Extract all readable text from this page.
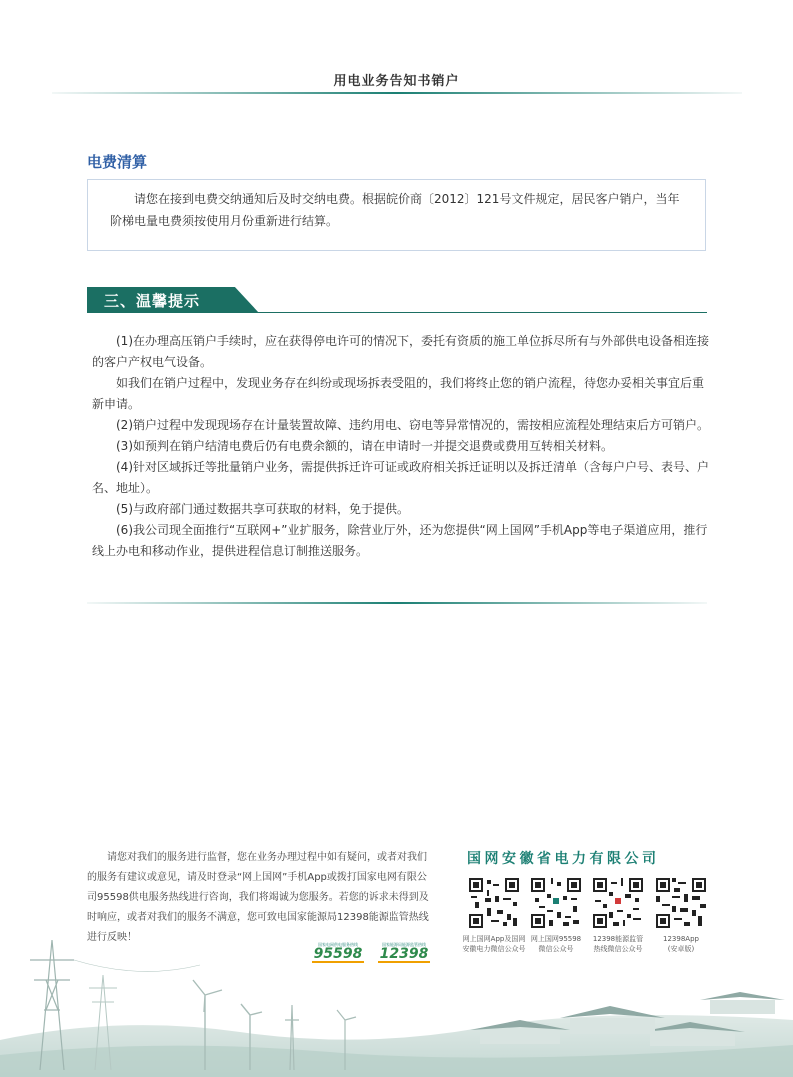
用电业务告知书销户
电费清算
请您在接到电费交纳通知后及时交纳电费。根据皖价商〔2012〕121号文件规定，居民客户销户，当年阶梯电量电费须按使用月份重新进行结算。
三、温馨提示

(1)在办理高压销户手续时，应在获得停电许可的情况下，委托有资质的施工单位拆尽所有与外部供电设备相连接的客户产权电气设备。

如我们在销户过程中，发现业务存在纠纷或现场拆表受阻的，我们将终止您的销户流程，待您办妥相关事宜后重新申请。

(2)销户过程中发现现场存在计量装置故障、违约用电、窃电等异常情况的，需按相应流程处理结束后方可销户。

(3)如预判在销户结清电费后仍有电费余额的，请在申请时一并提交退费或费用互转相关材料。

(4)针对区域拆迁等批量销户业务，需提供拆迁许可证或政府相关拆迁证明以及拆迁清单（含每户户号、表号、户名、地址）。

(5)与政府部门通过数据共享可获取的材料，免于提供。

(6)我公司现全面推行“互联网+”业扩服务，除营业厅外，还为您提供“网上国网”手机App等电子渠道应用，推行线上办电和移动作业，提供进程信息订制推送服务。

请您对我们的服务进行监督，您在业务办理过程中如有疑问，或者对我们的服务有建议或意见，请及时登录“网上国网”手机App或拨打国家电网有限公司95598供电服务热线进行咨询，我们将竭诚为您服务。若您的诉求未得到及时响应，或者对我们的服务不满意，您可致电国家能源局12398能源监管热线进行反映！
国家电网供电服务热线
95598
国家能源局能源监管热线
12398
国网安徽省电力有限公司
网上国网App及国网
安徽电力微信公众号
网上国网95598
微信公众号
12398能源监管
热线微信公众号
12398App
(安卓版)
